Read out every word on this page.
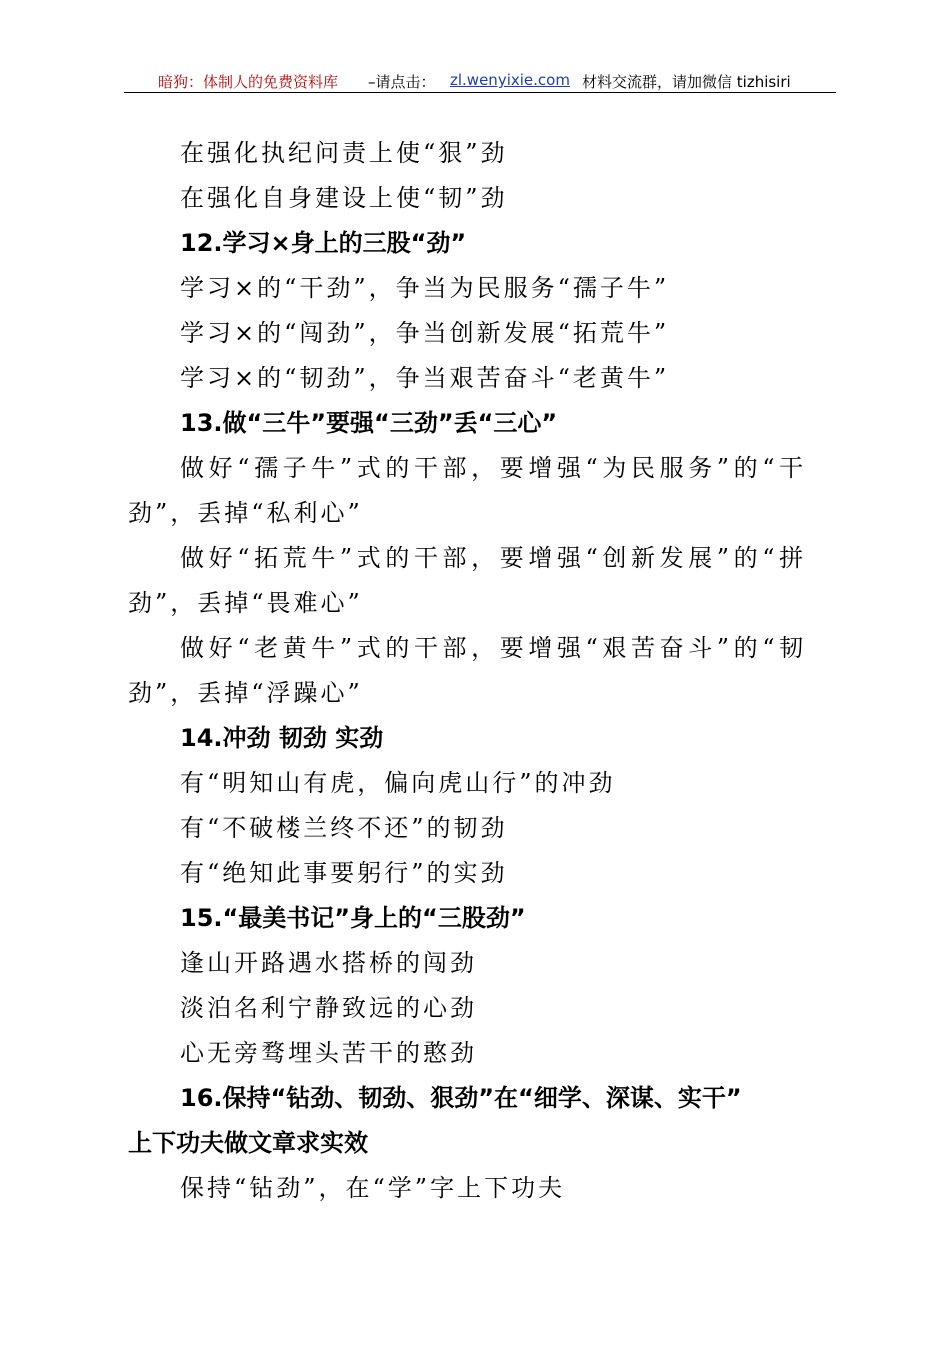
暗狗：体制人的免费资料库 –请点击： zl.wenyixie.com 材料交流群，请加微信 tizhisiri
在强化执纪问责上使“狠”劲
在强化自身建设上使“韧”劲
12.学习×身上的三股“劲”
学习×的“干劲”，争当为民服务“孺子牛”
学习×的“闯劲”，争当创新发展“拓荒牛”
学习×的“韧劲”，争当艰苦奋斗“老黄牛”
13.做“三牛”要强“三劲”丢“三心”
做好“孺子牛”式的干部，要增强“为民服务”的“干
劲”，丢掉“私利心”
做好“拓荒牛”式的干部，要增强“创新发展”的“拼
劲”，丢掉“畏难心”
做好“老黄牛”式的干部，要增强“艰苦奋斗”的“韧
劲”，丢掉“浮躁心”
14.冲劲 韧劲 实劲
有“明知山有虎，偏向虎山行”的冲劲
有“不破楼兰终不还”的韧劲
有“绝知此事要躬行”的实劲
15.“最美书记”身上的“三股劲”
逢山开路遇水搭桥的闯劲
淡泊名利宁静致远的心劲
心无旁骛埋头苦干的憨劲
16.保持“钻劲、韧劲、狠劲”在“细学、深谋、实干”
上下功夫做文章求实效
保持“钻劲”，在“学”字上下功夫
